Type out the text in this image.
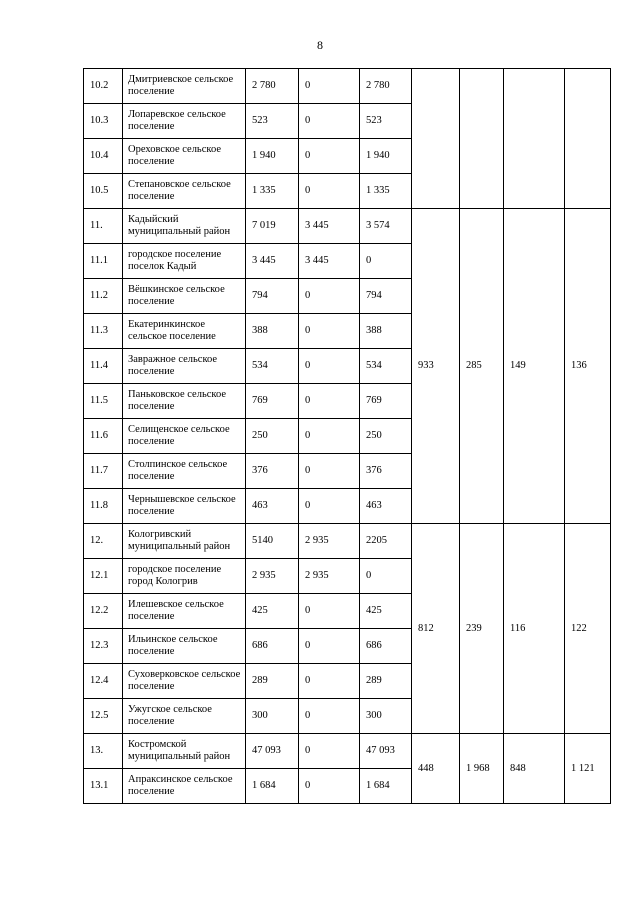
8
10.2	Дмитриевское сельское поселение	2 780	0	2 780				
10.3	Лопаревское сельское поселение	523	0	523				
10.4	Ореховское сельское поселение	1 940	0	1 940				
10.5	Степановское сельское поселение	1 335	0	1 335				
11.	Кадыйский муниципальный район	7 019	3 445	3 574	933	285	149	136
11.1	городское поселение поселок Кадый	3 445	3 445	0				
11.2	Вёшкинское сельское поселение	794	0	794				
11.3	Екатеринкинское сельское поселение	388	0	388				
11.4	Завражное сельское поселение	534	0	534				
11.5	Паньковское сельское поселение	769	0	769				
11.6	Селищенское сельское поселение	250	0	250				
11.7	Столпинское сельское поселение	376	0	376				
11.8	Чернышевское сельское поселение	463	0	463				
12.	Кологривский муниципальный район	5140	2 935	2205	812	239	116	122
12.1	городское поселение город Кологрив	2 935	2 935	0				
12.2	Илешевское сельское поселение	425	0	425				
12.3	Ильинское сельское поселение	686	0	686				
12.4	Суховерковское сельское поселение	289	0	289				
12.5	Ужугское сельское поселение	300	0	300				
13.	Костромской муниципальный район	47 093	0	47 093	448	1 968	848	1 121
13.1	Апраксинское сельское поселение	1 684	0	1 684				
